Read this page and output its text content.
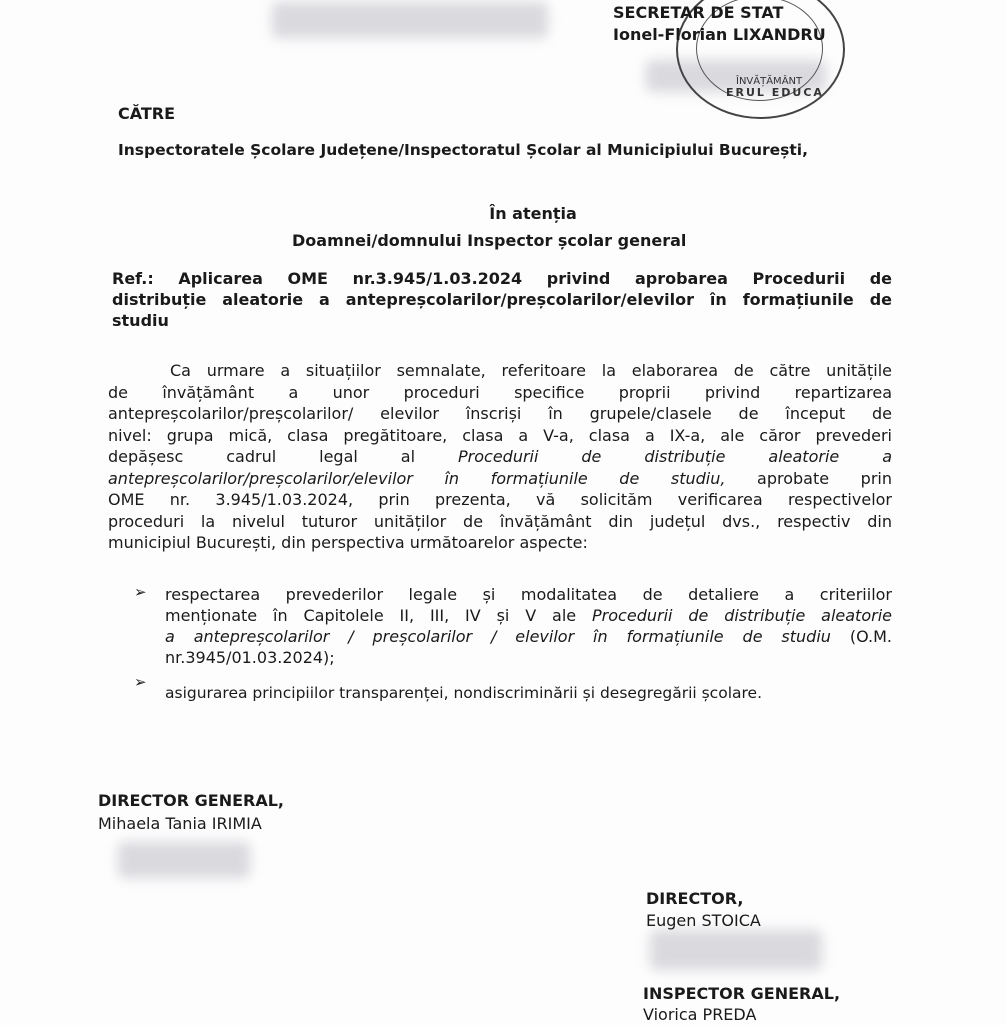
ÎNVĂȚĂMÂNT
ERUL EDUCA
SECRETAR DE STAT
Ionel-Florian LIXANDRU
CĂTRE
Inspectoratele Școlare Județene/Inspectoratul Școlar al Municipiului București,
În atenția
Doamnei/domnului Inspector școlar general
Ref.: Aplicarea OME nr.3.945/1.03.2024 privind aprobarea Procedurii de
distribuție aleatorie a antepreșcolarilor/preșcolarilor/elevilor în formațiunile de
studiu
Ca urmare a situațiilor semnalate, referitoare la elaborarea de către unitățile
de învățământ a unor proceduri specifice proprii privind repartizarea
antepreșcolarilor/preșcolarilor/ elevilor înscriși în grupele/clasele de început de
nivel: grupa mică, clasa pregătitoare, clasa a V-a, clasa a IX-a, ale căror prevederi
depășesc cadrul legal al	Procedurii de distribuție aleatorie a
antepreșcolarilor/preșcolarilor/elevilor în formațiunile de studiu, aprobate prin
OME nr. 3.945/1.03.2024, prin prezenta, vă solicităm verificarea respectivelor
proceduri la nivelul tuturor unităților de învățământ din județul dvs., respectiv din
municipiul București, din perspectiva următoarelor aspecte:
➢ respectarea prevederilor legale și modalitatea de detaliere a criteriilor
menționate în Capitolele II, III, IV și V ale Procedurii de distribuție aleatorie
a antepreșcolarilor / preșcolarilor / elevilor în formațiunile de studiu (O.M.
nr.3945/01.03.2024);
➢
asigurarea principiilor transparenței, nondiscriminării și desegregării școlare.
DIRECTOR GENERAL,
Mihaela Tania IRIMIA
DIRECTOR,
Eugen STOICA
INSPECTOR GENERAL,
Viorica PREDA
